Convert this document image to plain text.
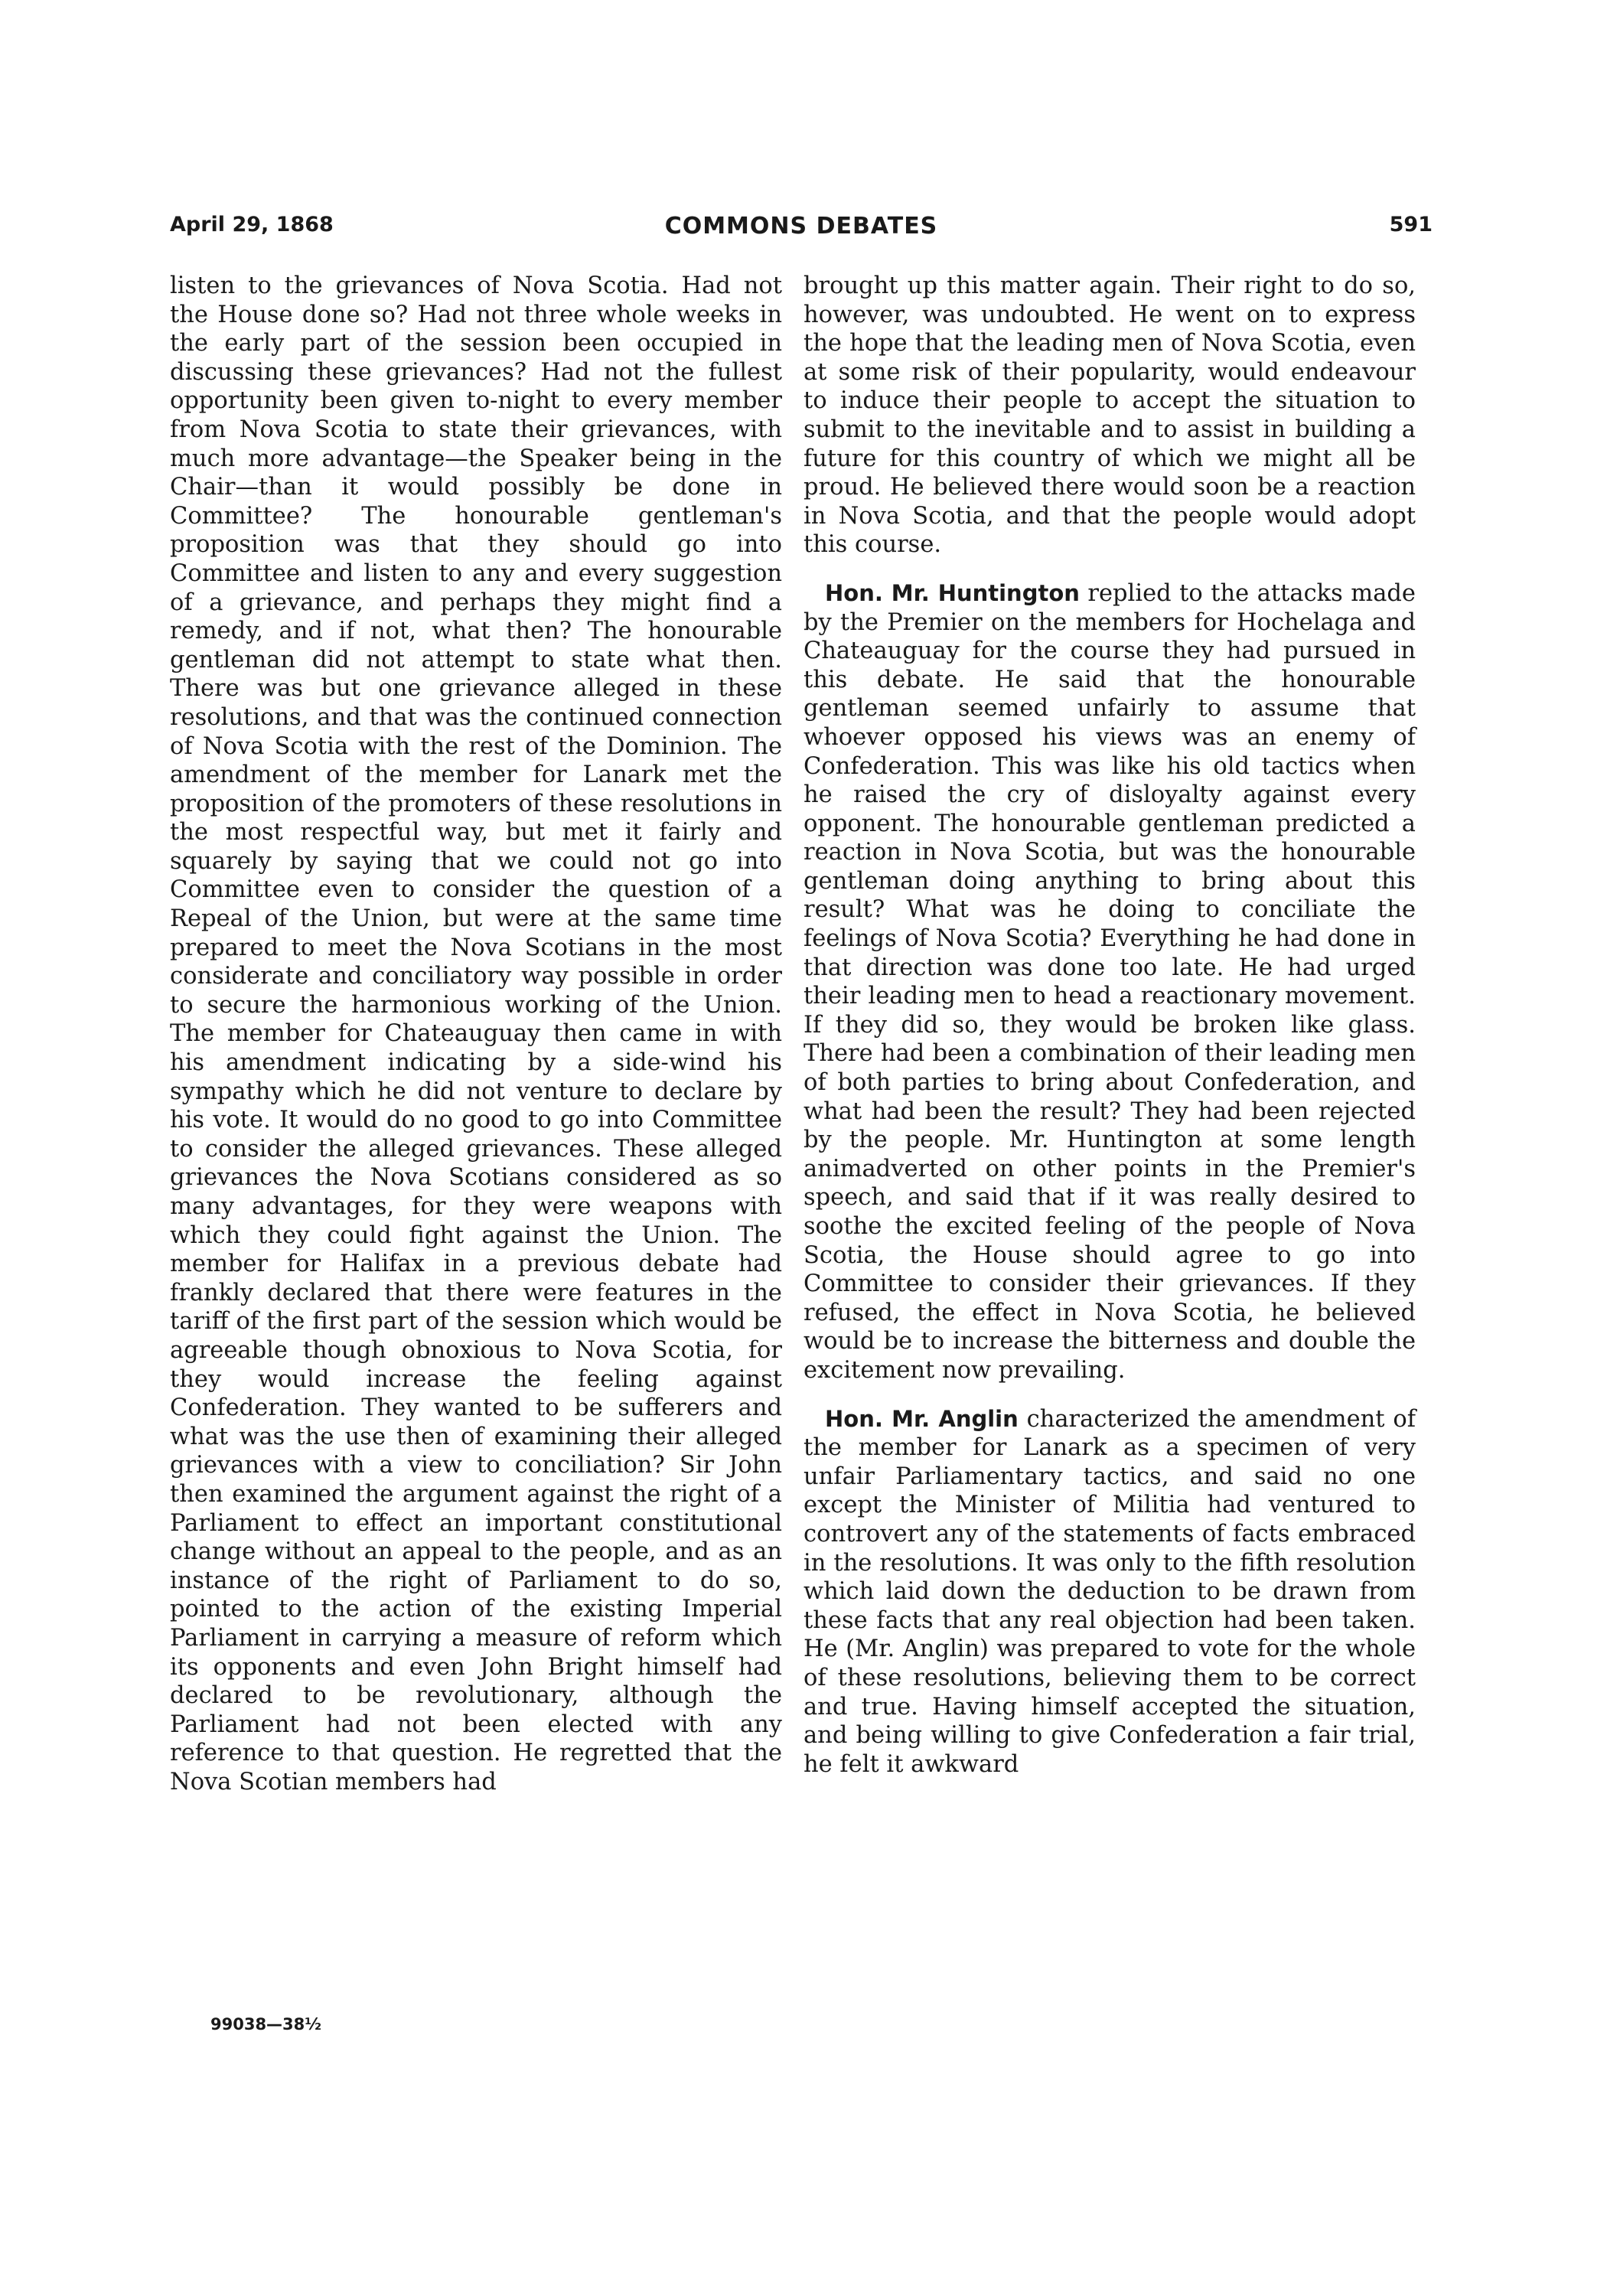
April 29, 1868	COMMONS DEBATES	591

listen to the grievances of Nova Scotia. Had not the House done so? Had not three whole weeks in the early part of the session been occupied in discussing these grievances? Had not the fullest opportunity been given to-night to every member from Nova Scotia to state their grievances, with much more advantage—the Speaker being in the Chair—than it would possibly be done in Committee? The honourable gentleman's proposition was that they should go into Committee and listen to any and every suggestion of a grievance, and perhaps they might find a remedy, and if not, what then? The honourable gentleman did not attempt to state what then. There was but one grievance alleged in these resolutions, and that was the continued connection of Nova Scotia with the rest of the Dominion. The amendment of the member for Lanark met the proposition of the promoters of these resolutions in the most respectful way, but met it fairly and squarely by saying that we could not go into Committee even to consider the question of a Repeal of the Union, but were at the same time prepared to meet the Nova Scotians in the most considerate and conciliatory way possible in order to secure the harmonious working of the Union. The member for Chateauguay then came in with his amendment indicating by a side-wind his sympathy which he did not venture to declare by his vote. It would do no good to go into Committee to consider the alleged grievances. These alleged grievances the Nova Scotians considered as so many advantages, for they were weapons with which they could fight against the Union. The member for Halifax in a previous debate had frankly declared that there were features in the tariff of the first part of the session which would be agreeable though obnoxious to Nova Scotia, for they would increase the feeling against Confederation. They wanted to be sufferers and what was the use then of examining their alleged grievances with a view to conciliation? Sir John then examined the argument against the right of a Parliament to effect an important constitutional change without an appeal to the people, and as an instance of the right of Parliament to do so, pointed to the action of the existing Imperial Parliament in carrying a measure of reform which its opponents and even John Bright himself had declared to be revolutionary, although the Parliament had not been elected with any reference to that question. He regretted that the Nova Scotian members had

brought up this matter again. Their right to do so, however, was undoubted. He went on to express the hope that the leading men of Nova Scotia, even at some risk of their popularity, would endeavour to induce their people to accept the situation to submit to the inevitable and to assist in building a future for this country of which we might all be proud. He believed there would soon be a reaction in Nova Scotia, and that the people would adopt this course.

Hon. Mr. Huntington replied to the attacks made by the Premier on the members for Hochelaga and Chateauguay for the course they had pursued in this debate. He said that the honourable gentleman seemed unfairly to assume that whoever opposed his views was an enemy of Confederation. This was like his old tactics when he raised the cry of disloyalty against every opponent. The honourable gentleman predicted a reaction in Nova Scotia, but was the honourable gentleman doing anything to bring about this result? What was he doing to conciliate the feelings of Nova Scotia? Everything he had done in that direction was done too late. He had urged their leading men to head a reactionary movement. If they did so, they would be broken like glass. There had been a combination of their leading men of both parties to bring about Confederation, and what had been the result? They had been rejected by the people. Mr. Huntington at some length animadverted on other points in the Premier's speech, and said that if it was really desired to soothe the excited feeling of the people of Nova Scotia, the House should agree to go into Committee to consider their grievances. If they refused, the effect in Nova Scotia, he believed would be to increase the bitterness and double the excitement now prevailing.

Hon. Mr. Anglin characterized the amendment of the member for Lanark as a specimen of very unfair Parliamentary tactics, and said no one except the Minister of Militia had ventured to controvert any of the statements of facts embraced in the resolutions. It was only to the fifth resolution which laid down the deduction to be drawn from these facts that any real objection had been taken. He (Mr. Anglin) was prepared to vote for the whole of these resolutions, believing them to be correct and true. Having himself accepted the situation, and being willing to give Confederation a fair trial, he felt it awkward

99038—38½
